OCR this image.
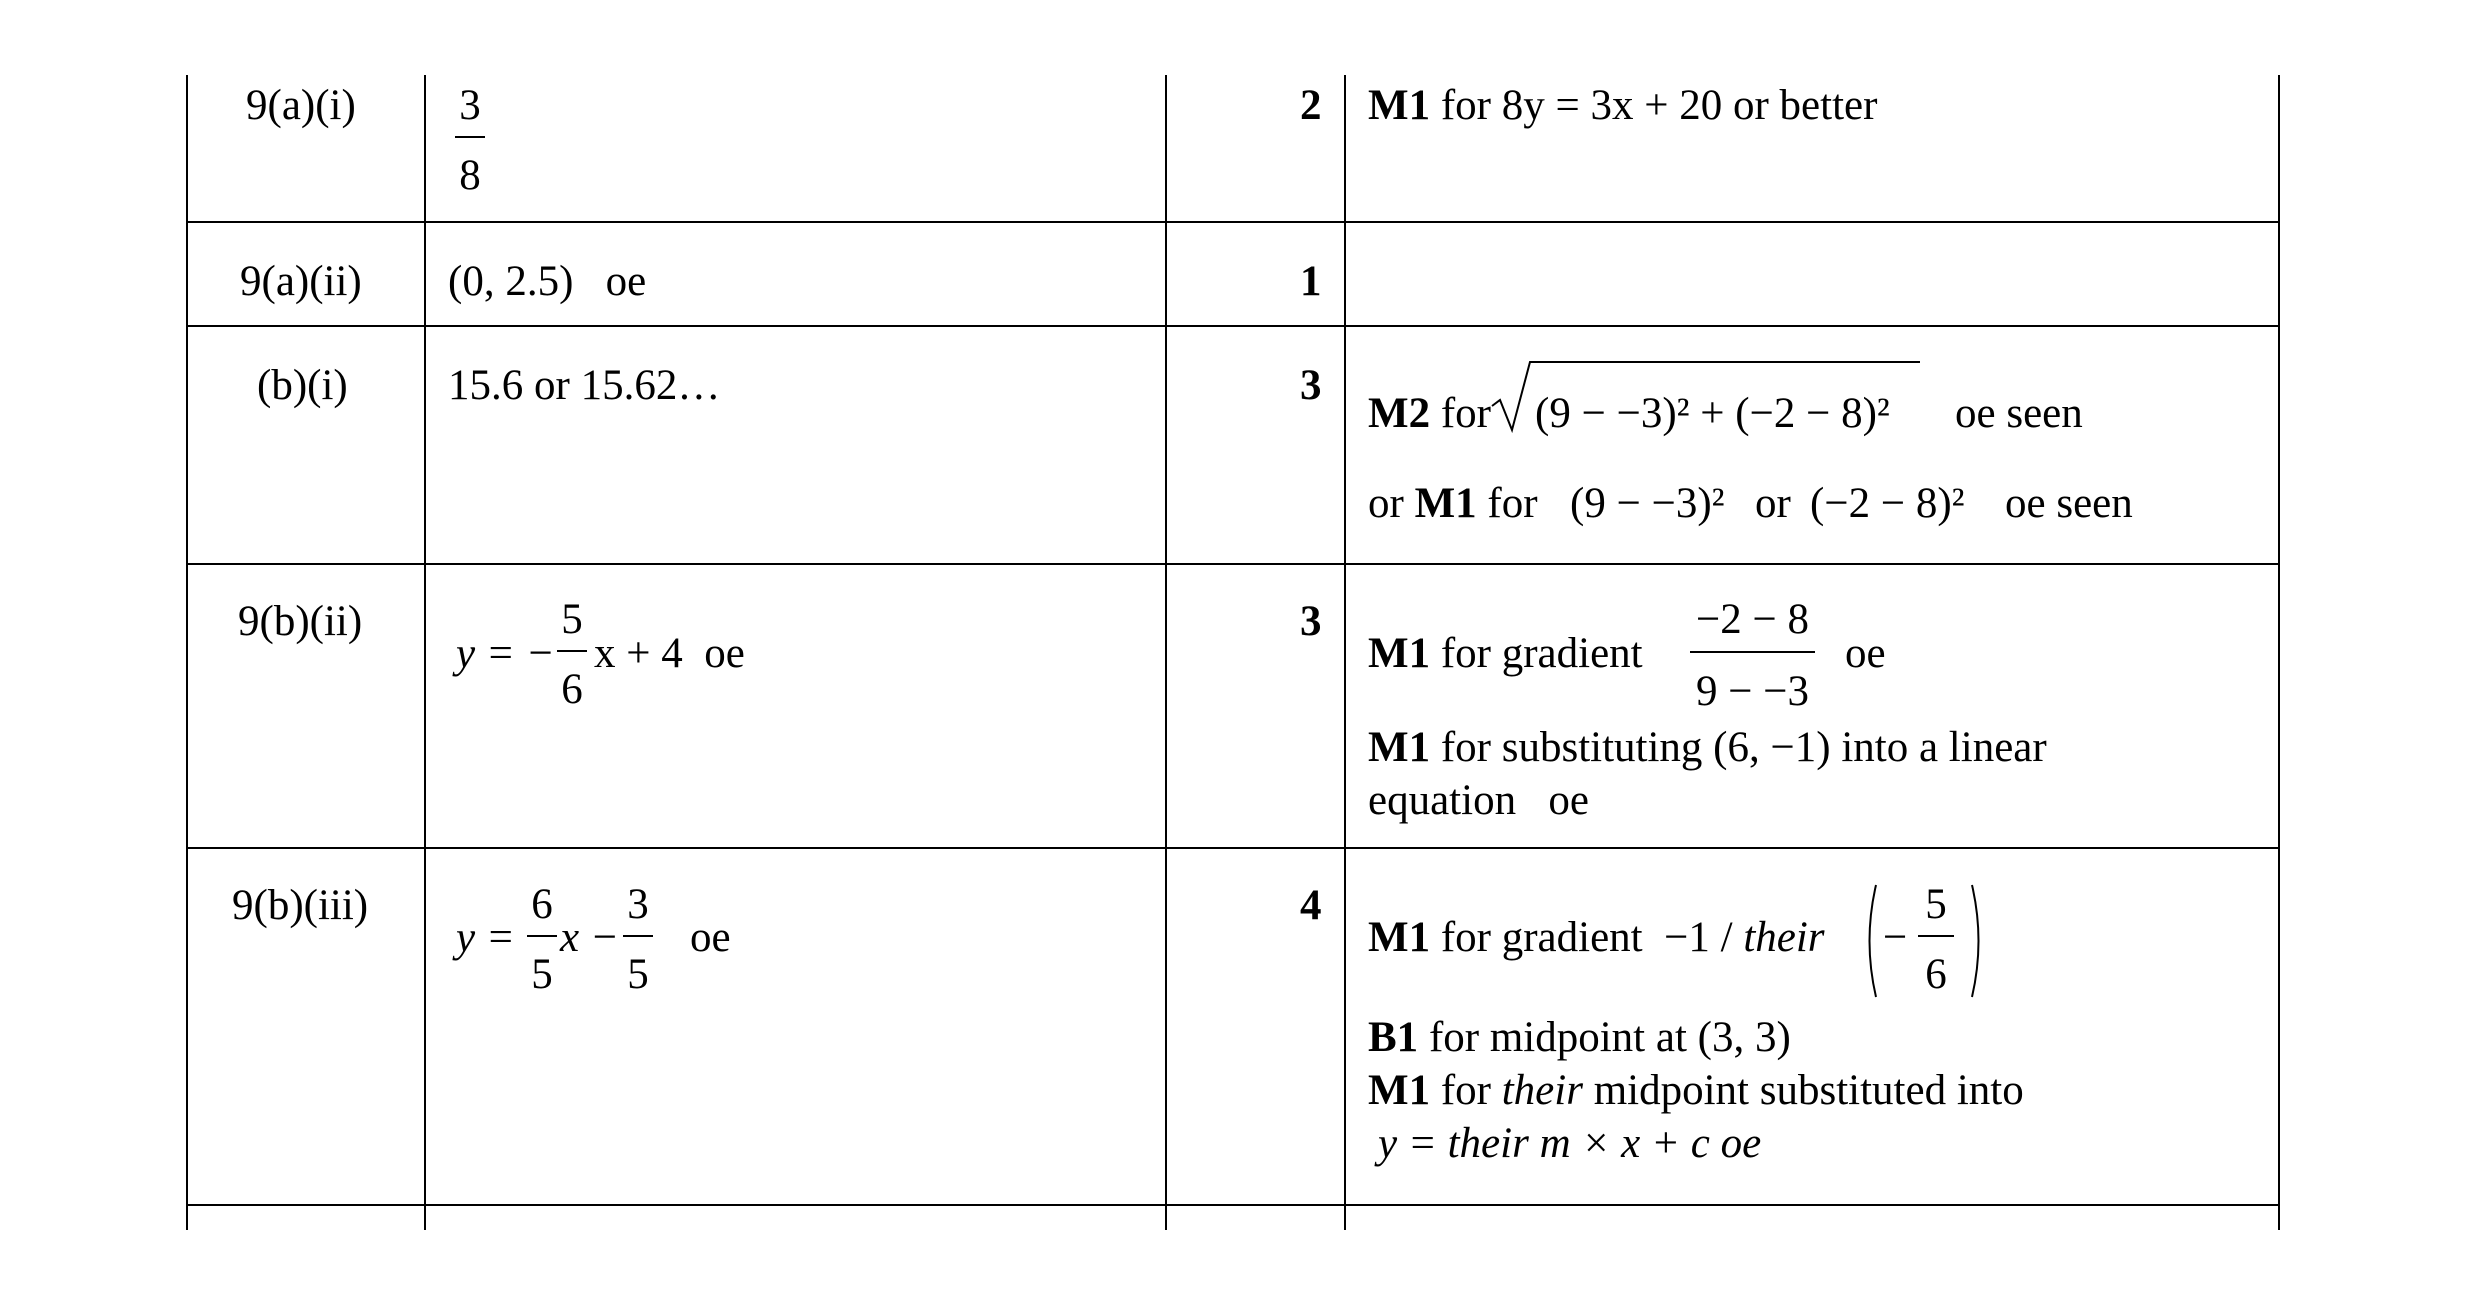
9(a)(i) 3
8
2 M1 for 8y = 3x + 20 or better
9(a)(ii) (0, 2.5)   oe	1
(b)(i) 15.6 or 15.62…	3
M2 for (9 − −3)² + (−2 − 8)² oe seen
or M1 for (9 − −3)² or (−2 − 8)² oe seen
9(b)(ii)
y = −
5
6
x + 4  oe
3
M1 for gradient
−2 − 8
9 − −3
oe
M1 for substituting (6, −1) into a linear
equation   oe
9(b)(iii)
y =
6
5
x −
3
5
oe
4
M1 for gradient  −1 / their −
5
6
B1 for midpoint at (3, 3)
M1 for their midpoint substituted into
y = their m × x + c oe
